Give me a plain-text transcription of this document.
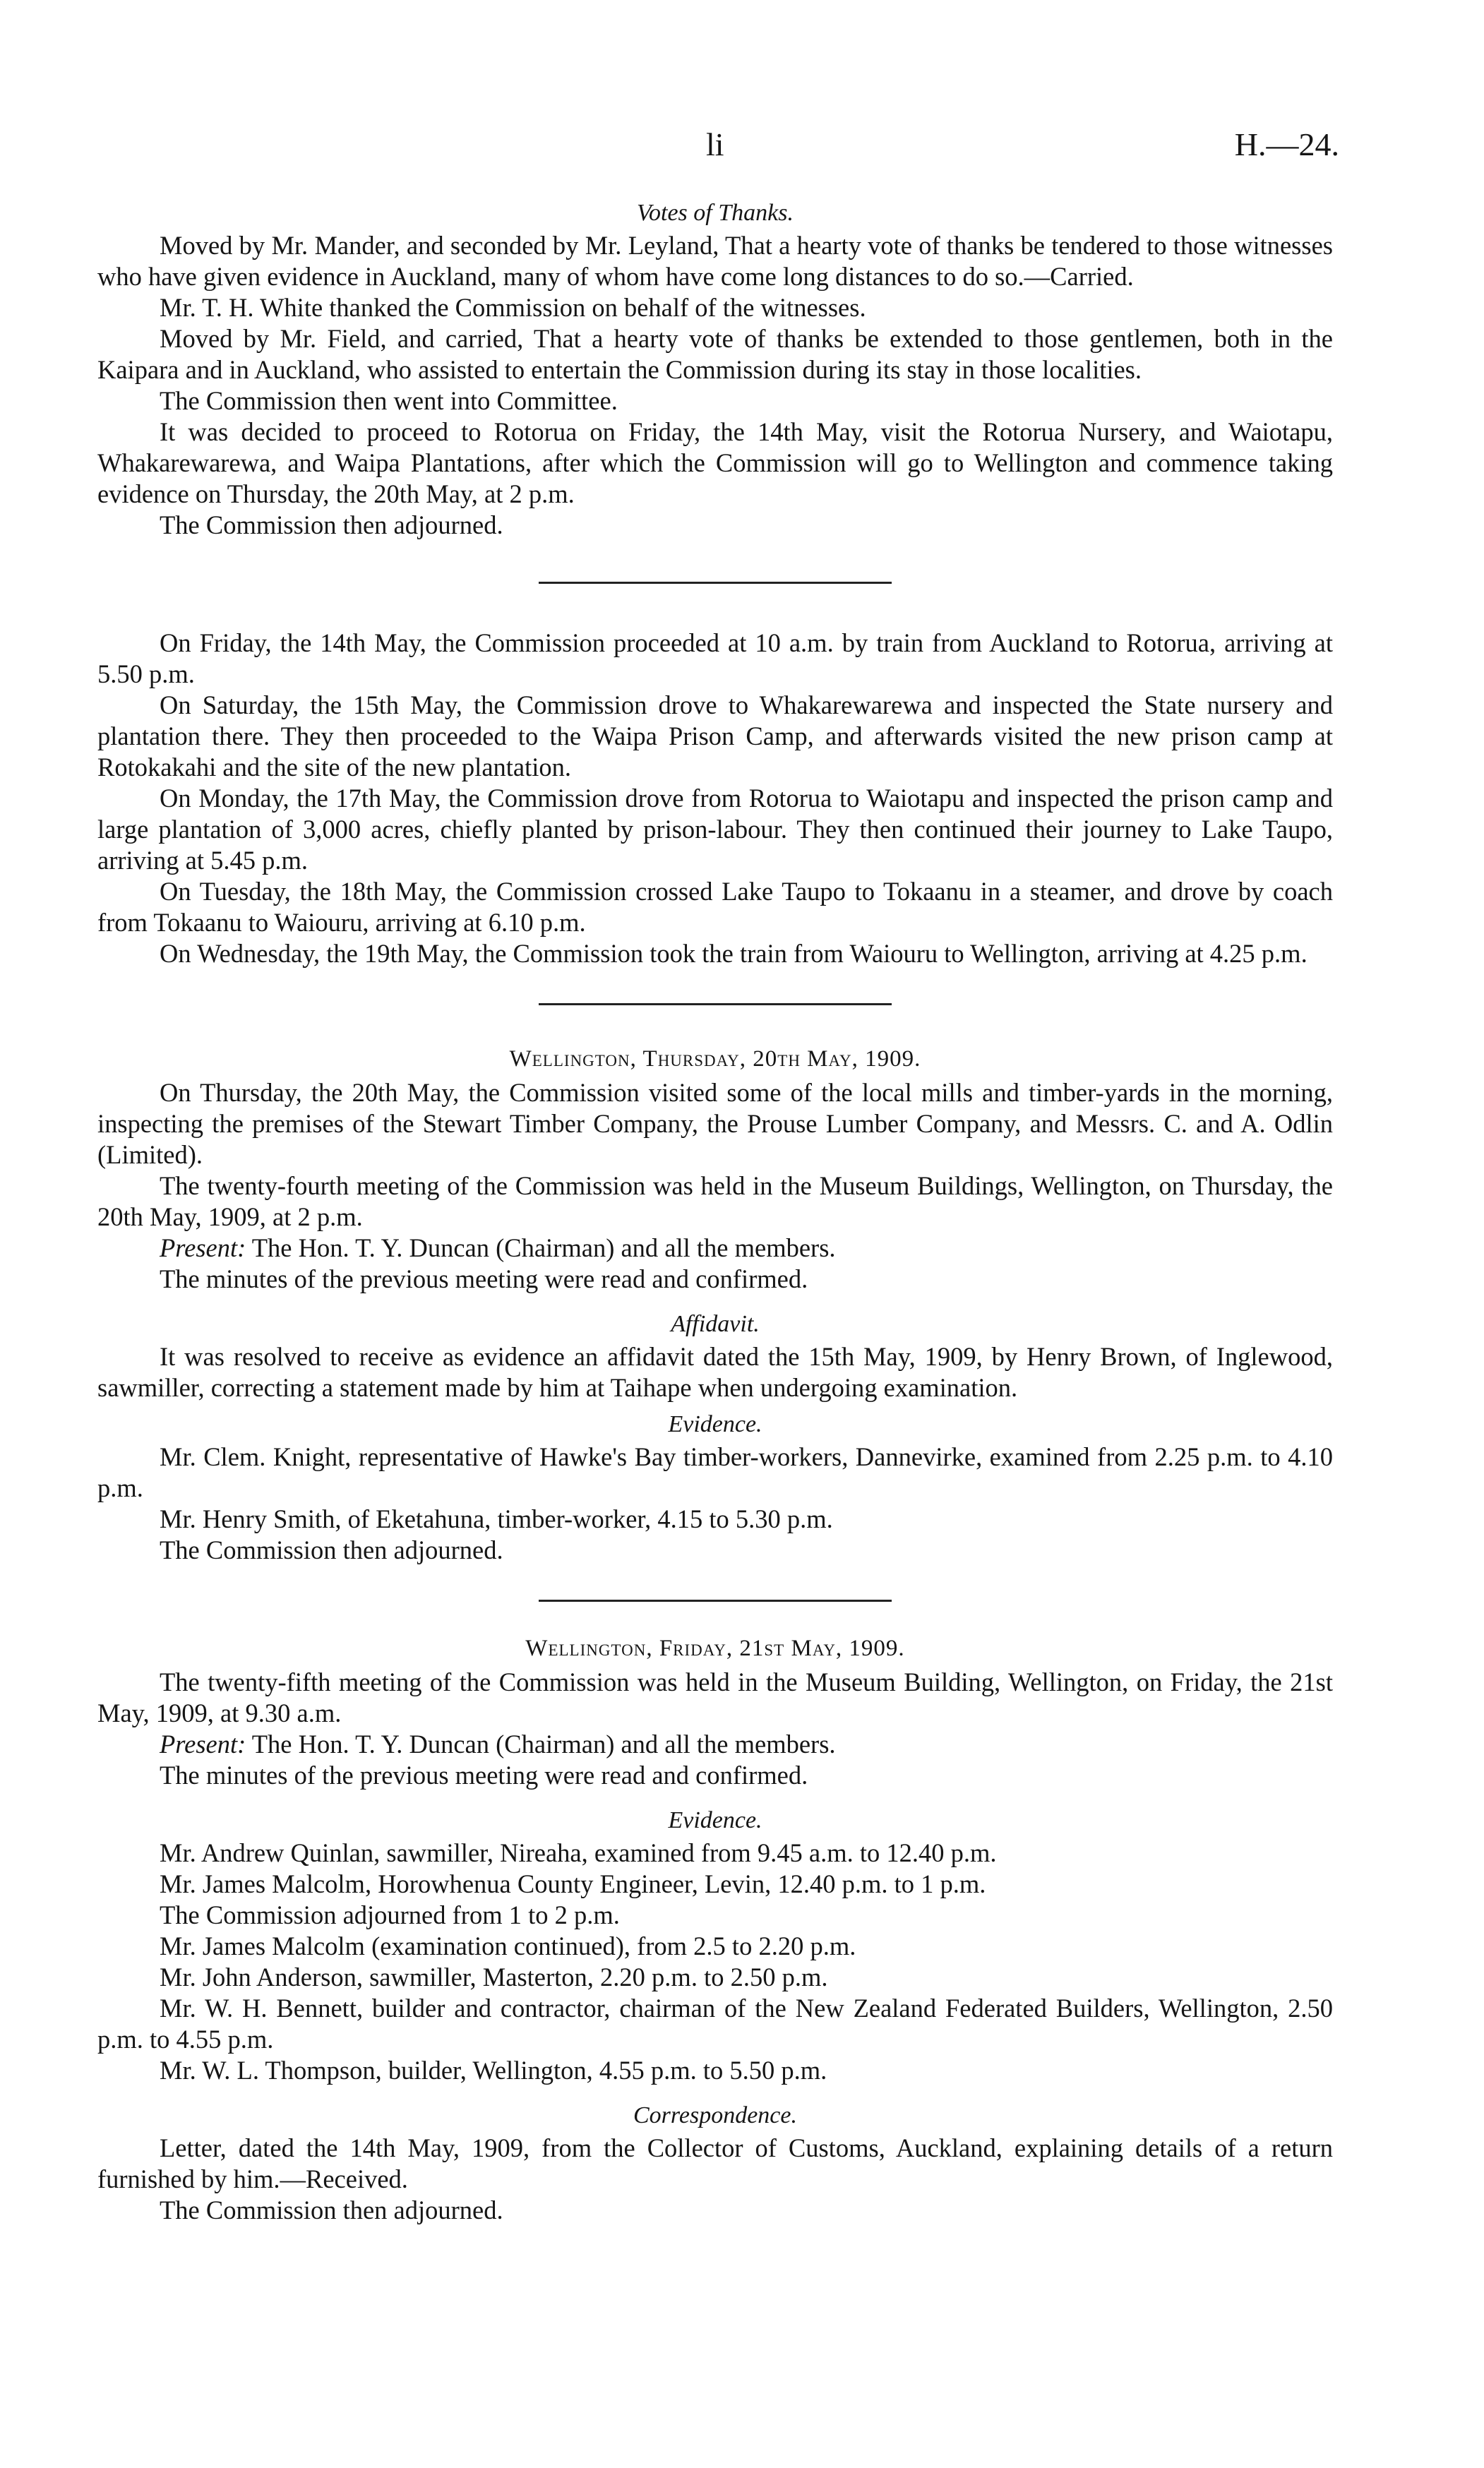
li	H.—24.
Votes of Thanks.

Moved by Mr. Mander, and seconded by Mr. Leyland, That a hearty vote of thanks be tendered to those witnesses who have given evidence in Auckland, many of whom have come long distances to do so.—Carried.

Mr. T. H. White thanked the Commission on behalf of the witnesses.

Moved by Mr. Field, and carried, That a hearty vote of thanks be extended to those gentlemen, both in the Kaipara and in Auckland, who assisted to entertain the Commission during its stay in those localities.

The Commission then went into Committee.

It was decided to proceed to Rotorua on Friday, the 14th May, visit the Rotorua Nursery, and Waiotapu, Whakarewarewa, and Waipa Plantations, after which the Commission will go to Wellington and commence taking evidence on Thursday, the 20th May, at 2 p.m.

The Commission then adjourned.

On Friday, the 14th May, the Commission proceeded at 10 a.m. by train from Auckland to Rotorua, arriving at 5.50 p.m.

On Saturday, the 15th May, the Commission drove to Whakarewarewa and inspected the State nursery and plantation there. They then proceeded to the Waipa Prison Camp, and afterwards visited the new prison camp at Rotokakahi and the site of the new plantation.

On Monday, the 17th May, the Commission drove from Rotorua to Waiotapu and inspected the prison camp and large plantation of 3,000 acres, chiefly planted by prison-labour. They then continued their journey to Lake Taupo, arriving at 5.45 p.m.

On Tuesday, the 18th May, the Commission crossed Lake Taupo to Tokaanu in a steamer, and drove by coach from Tokaanu to Waiouru, arriving at 6.10 p.m.

On Wednesday, the 19th May, the Commission took the train from Waiouru to Wellington, arriving at 4.25 p.m.

Wellington, Thursday, 20th May, 1909.

On Thursday, the 20th May, the Commission visited some of the local mills and timber-yards in the morning, inspecting the premises of the Stewart Timber Company, the Prouse Lumber Company, and Messrs. C. and A. Odlin (Limited).

The twenty-fourth meeting of the Commission was held in the Museum Buildings, Wellington, on Thursday, the 20th May, 1909, at 2 p.m.

Present: The Hon. T. Y. Duncan (Chairman) and all the members.

The minutes of the previous meeting were read and confirmed.

Affidavit.

It was resolved to receive as evidence an affidavit dated the 15th May, 1909, by Henry Brown, of Inglewood, sawmiller, correcting a statement made by him at Taihape when undergoing examination.

Evidence.

Mr. Clem. Knight, representative of Hawke's Bay timber-workers, Dannevirke, examined from 2.25 p.m. to 4.10 p.m.

Mr. Henry Smith, of Eketahuna, timber-worker, 4.15 to 5.30 p.m.

The Commission then adjourned.

Wellington, Friday, 21st May, 1909.

The twenty-fifth meeting of the Commission was held in the Museum Building, Wellington, on Friday, the 21st May, 1909, at 9.30 a.m.

Present: The Hon. T. Y. Duncan (Chairman) and all the members.

The minutes of the previous meeting were read and confirmed.

Evidence.

Mr. Andrew Quinlan, sawmiller, Nireaha, examined from 9.45 a.m. to 12.40 p.m.

Mr. James Malcolm, Horowhenua County Engineer, Levin, 12.40 p.m. to 1 p.m.

The Commission adjourned from 1 to 2 p.m.

Mr. James Malcolm (examination continued), from 2.5 to 2.20 p.m.

Mr. John Anderson, sawmiller, Masterton, 2.20 p.m. to 2.50 p.m.

Mr. W. H. Bennett, builder and contractor, chairman of the New Zealand Federated Builders, Wellington, 2.50 p.m. to 4.55 p.m.

Mr. W. L. Thompson, builder, Wellington, 4.55 p.m. to 5.50 p.m.

Correspondence.

Letter, dated the 14th May, 1909, from the Collector of Customs, Auckland, explaining details of a return furnished by him.—Received.

The Commission then adjourned.
